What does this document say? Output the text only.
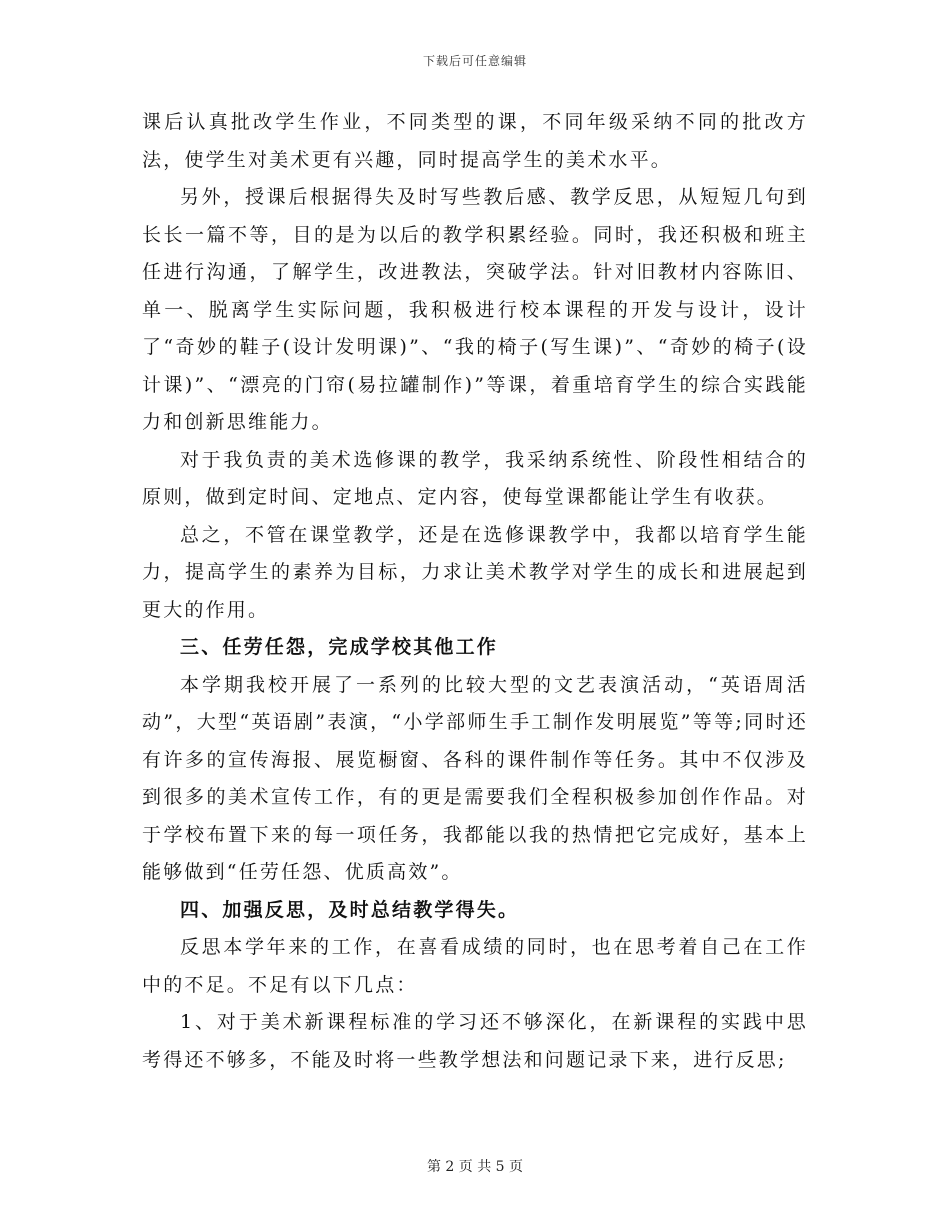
下载后可任意编辑

课后认真批改学生作业，不同类型的课，不同年级采纳不同的批改方法，使学生对美术更有兴趣，同时提高学生的美术水平。

另外，授课后根据得失及时写些教后感、教学反思，从短短几句到长长一篇不等，目的是为以后的教学积累经验。同时，我还积极和班主任进行沟通，了解学生，改进教法，突破学法。针对旧教材内容陈旧、单一、脱离学生实际问题，我积极进行校本课程的开发与设计，设计了“奇妙的鞋子(设计发明课)”、“我的椅子(写生课)”、“奇妙的椅子(设计课)”、“漂亮的门帘(易拉罐制作)”等课，着重培育学生的综合实践能力和创新思维能力。

对于我负责的美术选修课的教学，我采纳系统性、阶段性相结合的原则，做到定时间、定地点、定内容，使每堂课都能让学生有收获。

总之，不管在课堂教学，还是在选修课教学中，我都以培育学生能力，提高学生的素养为目标，力求让美术教学对学生的成长和进展起到更大的作用。

三、任劳任怨，完成学校其他工作

本学期我校开展了一系列的比较大型的文艺表演活动，“英语周活动”，大型“英语剧”表演，“小学部师生手工制作发明展览”等等;同时还有许多的宣传海报、展览橱窗、各科的课件制作等任务。其中不仅涉及到很多的美术宣传工作，有的更是需要我们全程积极参加创作作品。对于学校布置下来的每一项任务，我都能以我的热情把它完成好，基本上能够做到“任劳任怨、优质高效”。

四、加强反思，及时总结教学得失。

反思本学年来的工作，在喜看成绩的同时，也在思考着自己在工作中的不足。不足有以下几点：

1、对于美术新课程标准的学习还不够深化，在新课程的实践中思考得还不够多，不能及时将一些教学想法和问题记录下来，进行反思;

第 2 页 共 5 页
